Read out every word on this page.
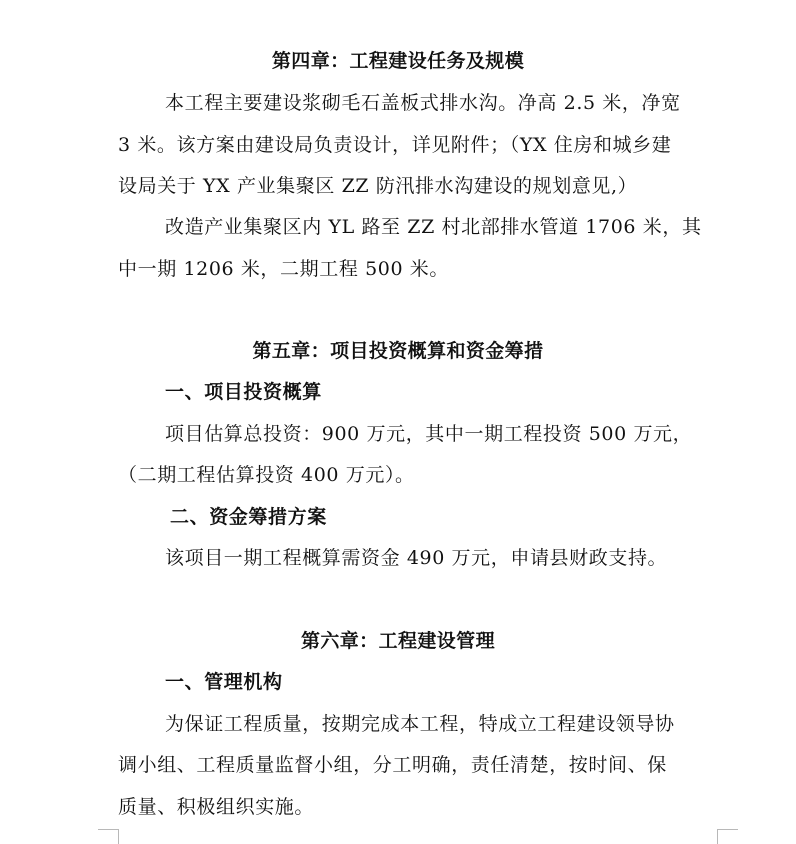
第四章：工程建设任务及规模
本工程主要建设浆砌毛石盖板式排水沟。净高 2.5 米，净宽
3 米。该方案由建设局负责设计，详见附件；（YX 住房和城乡建
设局关于 YX 产业集聚区 ZZ 防汛排水沟建设的规划意见,）
改造产业集聚区内 YL 路至 ZZ 村北部排水管道 1706 米，其
中一期 1206 米，二期工程 500 米。
第五章：项目投资概算和资金筹措
一、项目投资概算
项目估算总投资：900 万元，其中一期工程投资 500 万元，
（二期工程估算投资 400 万元）。
二、资金筹措方案
该项目一期工程概算需资金 490 万元，申请县财政支持。
第六章：工程建设管理
一、管理机构
为保证工程质量，按期完成本工程，特成立工程建设领导协
调小组、工程质量监督小组，分工明确，责任清楚，按时间、保
质量、积极组织实施。
